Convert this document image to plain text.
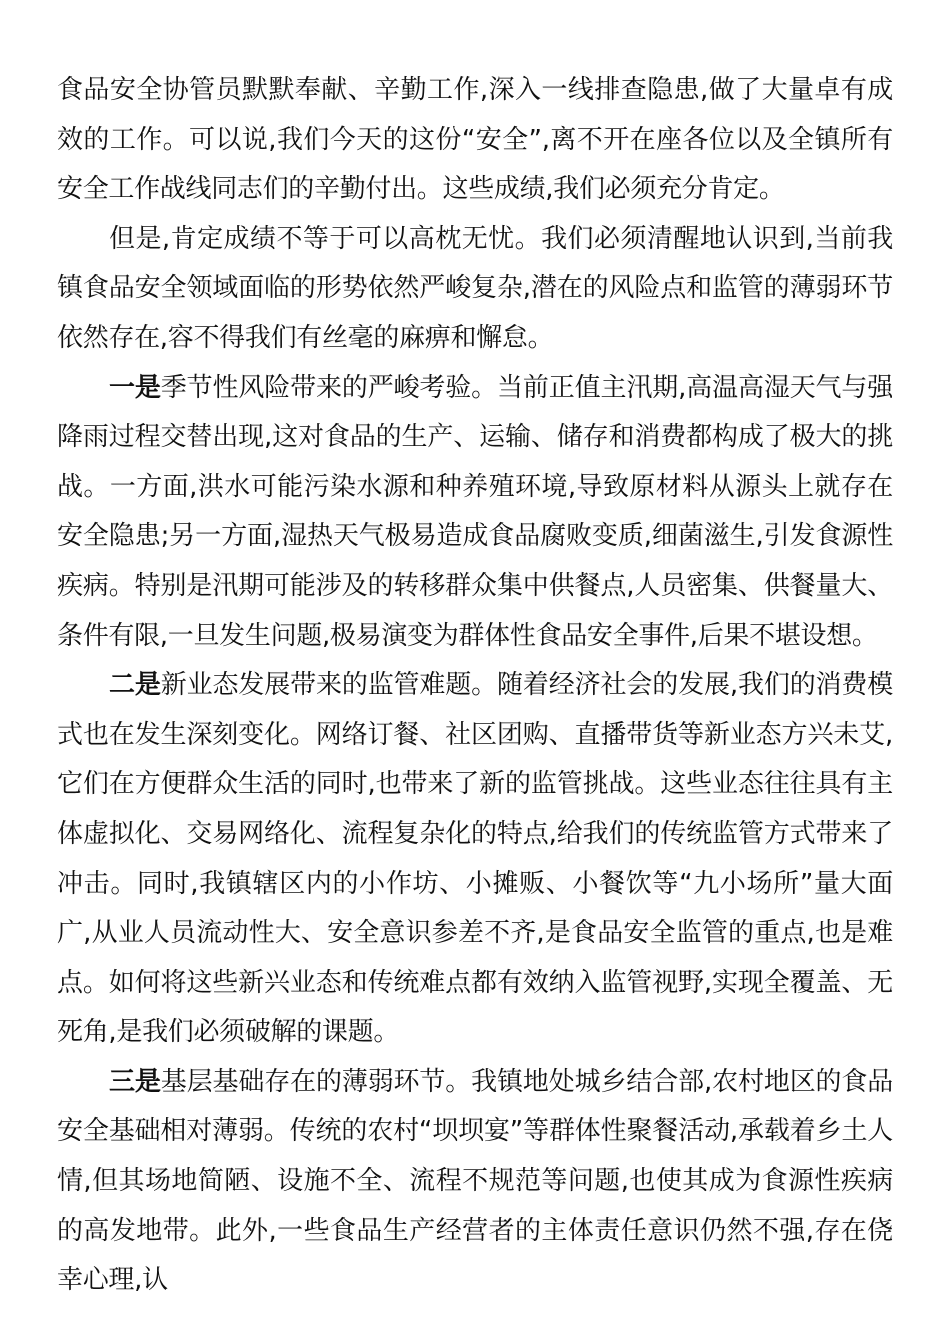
食品安全协管员默默奉献、辛勤工作,深入一线排查隐患,做了大量卓有成效的工作。可以说,我们今天的这份“安全”,离不开在座各位以及全镇所有安全工作战线同志们的辛勤付出。这些成绩,我们必须充分肯定。

但是,肯定成绩不等于可以高枕无忧。我们必须清醒地认识到,当前我镇食品安全领域面临的形势依然严峻复杂,潜在的风险点和监管的薄弱环节依然存在,容不得我们有丝毫的麻痹和懈怠。

一是季节性风险带来的严峻考验。当前正值主汛期,高温高湿天气与强降雨过程交替出现,这对食品的生产、运输、储存和消费都构成了极大的挑战。一方面,洪水可能污染水源和种养殖环境,导致原材料从源头上就存在安全隐患;另一方面,湿热天气极易造成食品腐败变质,细菌滋生,引发食源性疾病。特别是汛期可能涉及的转移群众集中供餐点,人员密集、供餐量大、条件有限,一旦发生问题,极易演变为群体性食品安全事件,后果不堪设想。

二是新业态发展带来的监管难题。随着经济社会的发展,我们的消费模式也在发生深刻变化。网络订餐、社区团购、直播带货等新业态方兴未艾,它们在方便群众生活的同时,也带来了新的监管挑战。这些业态往往具有主体虚拟化、交易网络化、流程复杂化的特点,给我们的传统监管方式带来了冲击。同时,我镇辖区内的小作坊、小摊贩、小餐饮等“九小场所”量大面广,从业人员流动性大、安全意识参差不齐,是食品安全监管的重点,也是难点。如何将这些新兴业态和传统难点都有效纳入监管视野,实现全覆盖、无死角,是我们必须破解的课题。

三是基层基础存在的薄弱环节。我镇地处城乡结合部,农村地区的食品安全基础相对薄弱。传统的农村“坝坝宴”等群体性聚餐活动,承载着乡土人情,但其场地简陋、设施不全、流程不规范等问题,也使其成为食源性疾病的高发地带。此外,一些食品生产经营者的主体责任意识仍然不强,存在侥幸心理,认
